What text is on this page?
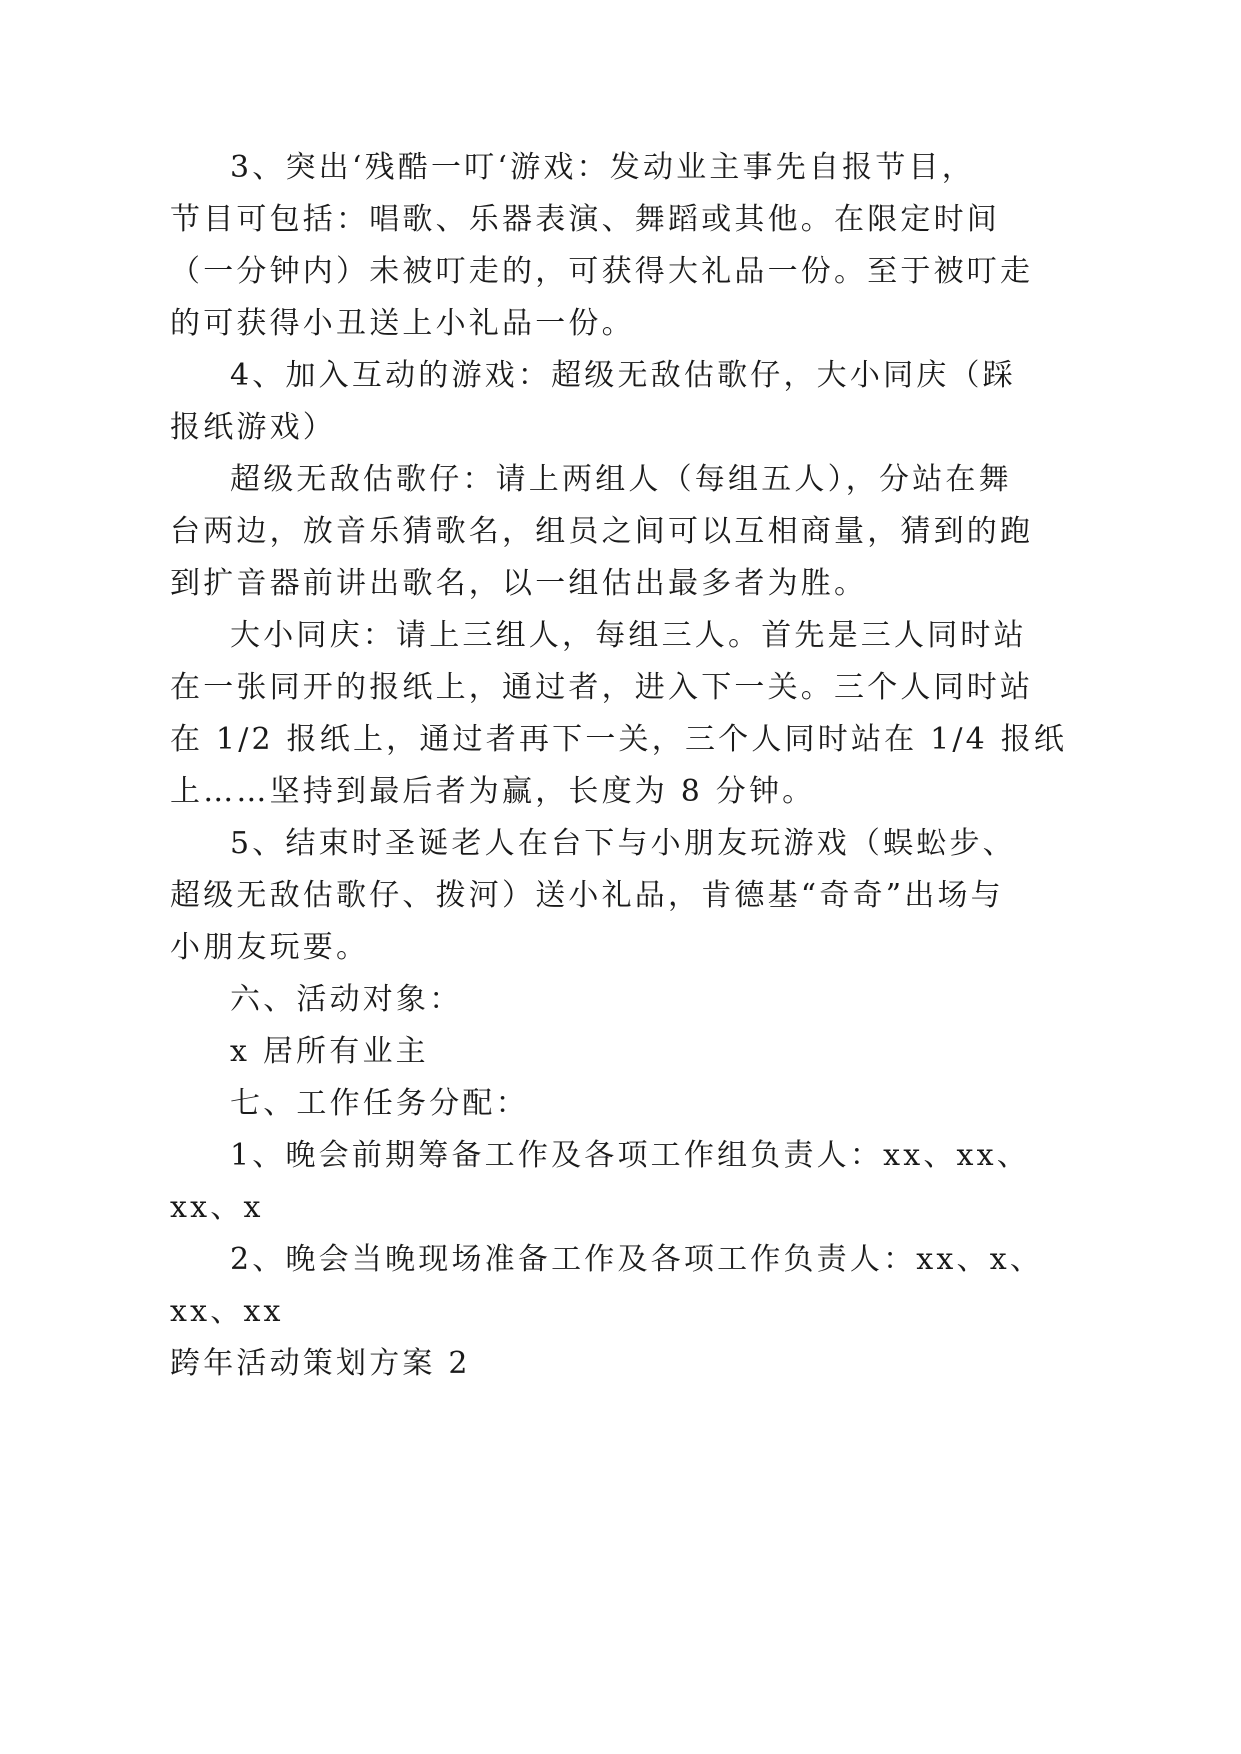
3、突出‘残酷一叮‘游戏：发动业主事先自报节目，
节目可包括：唱歌、乐器表演、舞蹈或其他。在限定时间
（一分钟内）未被叮走的，可获得大礼品一份。至于被叮走
的可获得小丑送上小礼品一份。
4、加入互动的游戏：超级无敌估歌仔，大小同庆（踩
报纸游戏）
超级无敌估歌仔：请上两组人（每组五人），分站在舞
台两边，放音乐猜歌名，组员之间可以互相商量，猜到的跑
到扩音器前讲出歌名，以一组估出最多者为胜。
大小同庆：请上三组人，每组三人。首先是三人同时站
在一张同开的报纸上，通过者，进入下一关。三个人同时站
在 1/2 报纸上，通过者再下一关，三个人同时站在 1/4 报纸
上……坚持到最后者为赢，长度为 8 分钟。
5、结束时圣诞老人在台下与小朋友玩游戏（蜈蚣步、
超级无敌估歌仔、拨河）送小礼品，肯德基“奇奇”出场与
小朋友玩要。
六、活动对象：
x 居所有业主
七、工作任务分配：
1、晚会前期筹备工作及各项工作组负责人：xx、xx、
xx、x
2、晚会当晚现场准备工作及各项工作负责人：xx、x、
xx、xx
跨年活动策划方案 2
